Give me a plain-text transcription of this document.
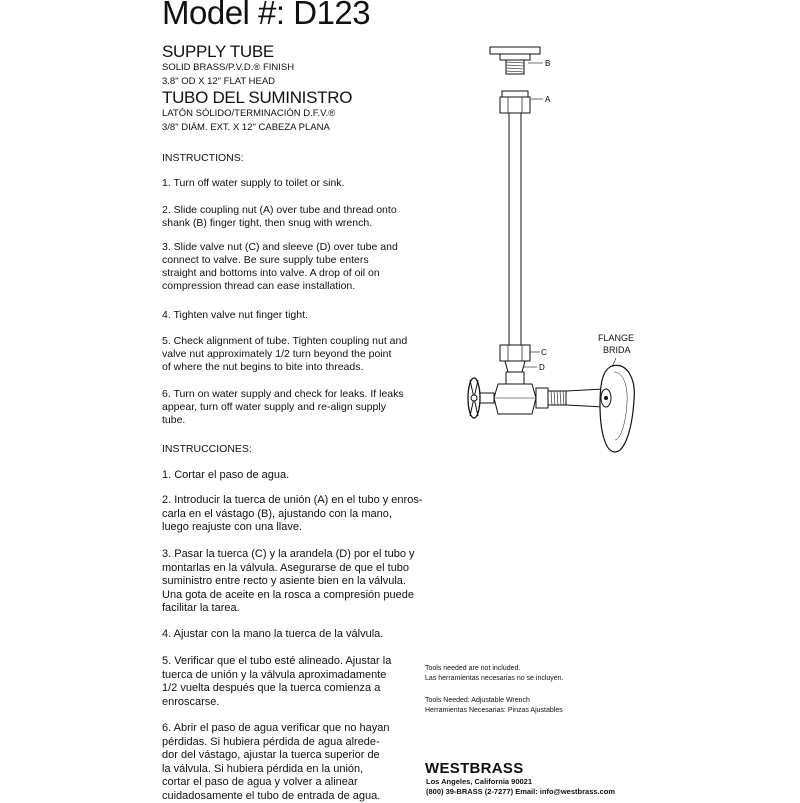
Model #: D123
SUPPLY TUBE
SOLID BRASS/P.V.D.® FINISH
3.8" OD X 12" FLAT HEAD
TUBO DEL SUMINISTRO
LATÓN SÓLIDO/TERMINACIÓN D.F.V.®
3/8" DIÁM. EXT. X 12" CABEZA PLANA
INSTRUCTIONS:
1. Turn off water supply to toilet or sink.
2. Slide coupling nut (A) over tube and thread onto
shank (B) finger tight, then snug with wrench.
3. Slide valve nut (C) and sleeve (D) over tube and
connect to valve. Be sure supply tube enters
straight and bottoms into valve. A drop of oil on
compression thread can ease installation.
4. Tighten valve nut finger tight.
5. Check alignment of tube. Tighten coupling nut and
valve nut approximately 1/2 turn beyond the point
of where the nut begins to bite into threads.
6. Turn on water supply and check for leaks. If leaks
appear, turn off water supply and re-align supply
tube.
INSTRUCCIONES:
1. Cortar el paso de agua.
2. Introducir la tuerca de unión (A) en el tubo y enros-
carla en el vástago (B), ajustando con la mano,
luego reajuste con una llave.
3. Pasar la tuerca (C) y la arandela (D) por el tubo y
montarlas en la válvula. Asegurarse de que el tubo
suministro entre recto y asiente bien en la válvula.
Una gota de aceite en la rosca a compresión puede
facilitar la tarea.
4. Ajustar con la mano la tuerca de la válvula.
5. Verificar que el tubo esté alineado. Ajustar la
tuerca de unión y la válvula aproximadamente
1/2 vuelta después que la tuerca comienza a
enroscarse.
6. Abrir el paso de agua verificar que no hayan
pérdidas. Si hubiera pérdida de agua alrede-
dor del vástago, ajustar la tuerca superior de
la válvula. Si hubiera pérdida en la unión,
cortar el paso de agua y volver a alinear
cuidadosamente el tubo de entrada de agua.
B
A
C
D
FLANGE
BRIDA
Tools needed are not included.
Las herramientas necesarias no se incluyen.
Tools Needed: Adjustable Wrench
Herramientas Necesarias: Pinzas Ajustables
WESTBRASS
Los Angeles, California 90021
(800) 39-BRASS (2-7277) Email: info@westbrass.com
